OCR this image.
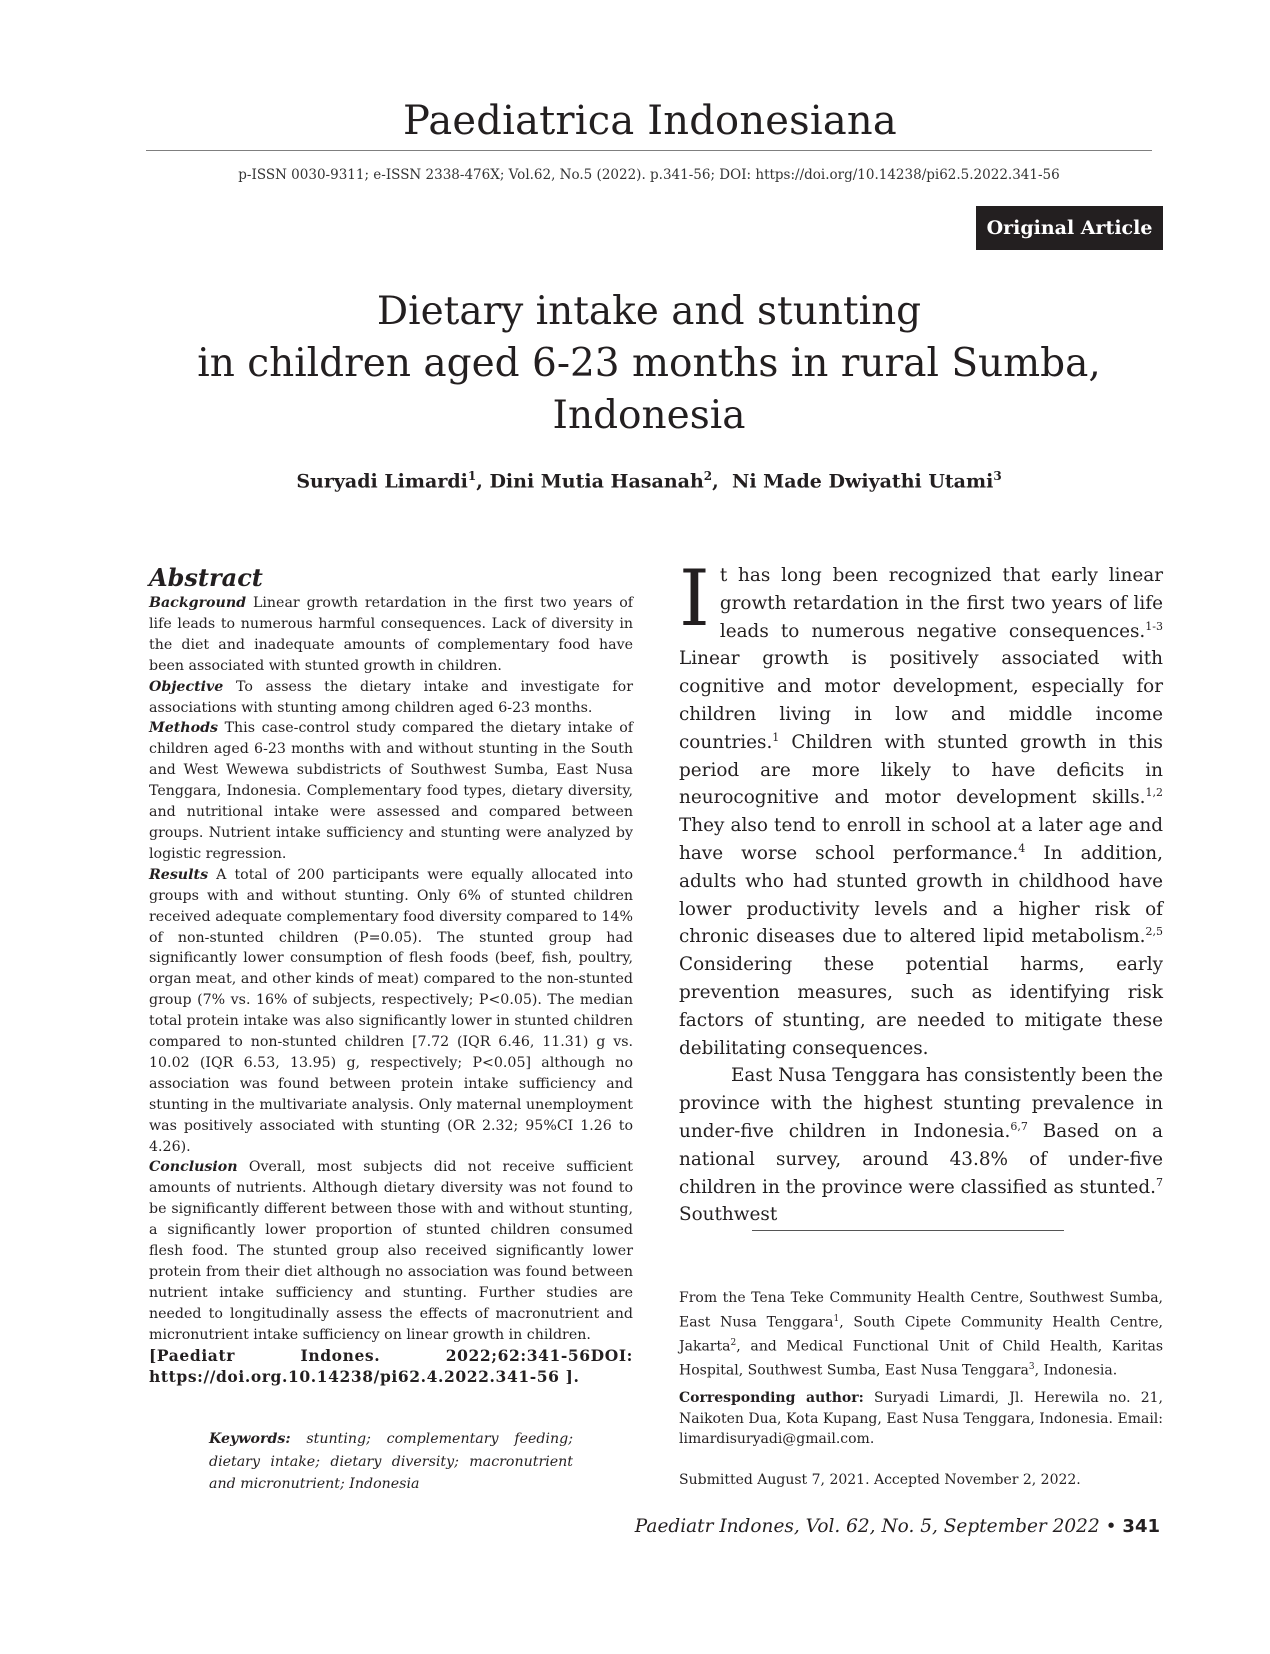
Paediatrica Indonesiana
p-ISSN 0030-9311; e-ISSN 2338-476X; Vol.62, No.5 (2022). p.341-56; DOI: https://doi.org/10.14238/pi62.5.2022.341-56
Original Article
Dietary intake and stunting
in children aged 6-23 months in rural Sumba,
Indonesia
Suryadi Limardi$^1$, Dini Mutia Hasanah$^2$,  Ni Made Dwiyathi Utami$^3$
Abstract
Background Linear growth retardation in the first two years of life leads to numerous harmful consequences. Lack of diversity in the diet and inadequate amounts of complementary food have been associated with stunted growth in children.
Objective To assess the dietary intake and investigate for associations with stunting among children aged 6-23 months.
Methods This case-control study compared the dietary intake of children aged 6-23 months with and without stunting in the South and West Wewewa subdistricts of Southwest Sumba, East Nusa Tenggara, Indonesia. Complementary food types, dietary diversity, and nutritional intake were assessed and compared between groups. Nutrient intake sufficiency and stunting were analyzed by logistic regression.
Results A total of 200 participants were equally allocated into groups with and without stunting. Only 6% of stunted children received adequate complementary food diversity compared to 14% of non-stunted children (P=0.05). The stunted group had significantly lower consumption of flesh foods (beef, fish, poultry, organ meat, and other kinds of meat) compared to the non-stunted group (7% vs. 16% of subjects, respectively; P<0.05). The median total protein intake was also significantly lower in stunted children compared to non-stunted children [7.72 (IQR 6.46, 11.31) g vs. 10.02 (IQR 6.53, 13.95) g, respectively; P<0.05] although no association was found between protein intake sufficiency and stunting in the multivariate analysis. Only maternal unemployment was positively associated with stunting (OR 2.32; 95%CI 1.26 to 4.26).
Conclusion Overall, most subjects did not receive sufficient amounts of nutrients. Although dietary diversity was not found to be significantly different between those with and without stunting, a significantly lower proportion of stunted children consumed flesh food. The stunted group also received significantly lower protein from their diet although no association was found between nutrient intake sufficiency and stunting. Further studies are needed to longitudinally assess the effects of macronutrient and micronutrient intake sufficiency on linear growth in children.
[Paediatr Indones. 2022;62:341-56DOI: https://doi.org.10.14238/pi62.4.2022.341-56 ].
Keywords: stunting; complementary feeding; dietary intake; dietary diversity; macronutrient and micronutrient; Indonesia

It has long been recognized that early linear growth retardation in the first two years of life leads to numerous negative consequences.$^{1-3}$ Linear growth is positively associated with cognitive and motor development, especially for children living in low and middle income countries.$^1$ Children with stunted growth in this period are more likely to have deficits in neurocognitive and motor development skills.$^{1,2}$ They also tend to enroll in school at a later age and have worse school performance.$^4$ In addition, adults who had stunted growth in childhood have lower productivity levels and a higher risk of chronic diseases due to altered lipid metabolism.$^{2,5}$ Considering these potential harms, early prevention measures, such as identifying risk factors of stunting, are needed to mitigate these debilitating consequences.

East Nusa Tenggara has consistently been the province with the highest stunting prevalence in under-five children in Indonesia.$^{6,7}$ Based on a national survey, around 43.8% of under-five children in the province were classified as stunted.$^7$ Southwest

From the Tena Teke Community Health Centre, Southwest Sumba, East Nusa Tenggara$^1$, South Cipete Community Health Centre, Jakarta$^2$, and Medical Functional Unit of Child Health, Karitas Hospital, Southwest Sumba, East Nusa Tenggara$^3$, Indonesia.
Corresponding author: Suryadi Limardi, Jl. Herewila no. 21, Naikoten Dua, Kota Kupang, East Nusa Tenggara, Indonesia. Email: limardisuryadi@gmail.com.
Submitted August 7, 2021. Accepted November 2, 2022.
Paediatr Indones, Vol. 62, No. 5, September 2022 • 341
